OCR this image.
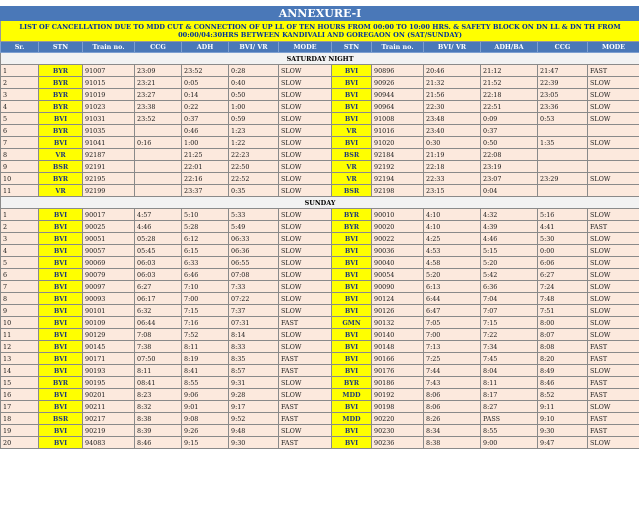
ANNEXURE-I												
LIST OF CANCELLATION DUE TO MDD CUT & CONNECTION OF UP LL OF TEN HOURS FROM 00:00 TO 10:00 HRS. & SAFETY BLOCK ON DN LL & DN TH FROM 00:00/04:30HRS BETWEEN KANDIVALI AND GOREGAON ON (SAT/SUNDAY)												
Sr.	STN	Train no.	CCG	ADH	BVI/ VR	MODE	STN	Train no.	BVI/ VR	ADH/BA	CCG	MODE
SATURDAY NIGHT												
1	BYR	91007	23:09	23:52	0:28	SLOW	BVI	90896	20:46	21:12	21:47	FAST
2	BYR	91015	23:21	0:05	0:40	SLOW	BVI	90926	21:32	21:52	22:39	SLOW
3	BYR	91019	23:27	0:14	0:50	SLOW	BVI	90944	21:56	22:18	23:05	SLOW
4	BYR	91023	23:38	0:22	1:00	SLOW	BVI	90964	22:30	22:51	23:36	SLOW
5	BVI	91031	23:52	0:37	0:59	SLOW	BVI	91008	23:48	0:09	0:53	SLOW
6	BYR	91035		0:46	1:23	SLOW	VR	91016	23:40	0:37		
7	BVI	91041	0:16	1:00	1:22	SLOW	BVI	91020	0:30	0:50	1:35	SLOW
8	VR	92187		21:25	22:23	SLOW	BSR	92184	21:19	22:08		
9	BSR	92191		22:01	22:50	SLOW	VR	92192	22:18	23:19		
10	BYR	92195		22:16	22:52	SLOW	VR	92194	22:33	23:07	23:29	SLOW
11	VR	92199		23:37	0:35	SLOW	BSR	92198	23:15	0:04		
SUNDAY												
1	BVI	90017	4:57	5:10	5:33	SLOW	BYR	90010	4:10	4:32	5:16	SLOW
2	BVI	90025	4:46	5:28	5:49	SLOW	BYR	90020	4:10	4:39	4:41	FAST
3	BVI	90051	05:28	6:12	06:33	SLOW	BVI	90022	4:25	4:46	5:30	SLOW
4	BVI	90057	05:45	6:15	06:36	SLOW	BVI	90036	4:53	5:15	0:00	SLOW
5	BVI	90069	06:03	6:33	06:55	SLOW	BVI	90040	4:58	5:20	6:06	SLOW
6	BVI	90079	06:03	6:46	07:08	SLOW	BVI	90054	5:20	5:42	6:27	SLOW
7	BVI	90097	6:27	7:10	7:33	SLOW	BVI	90090	6:13	6:36	7:24	SLOW
8	BVI	90093	06:17	7:00	07:22	SLOW	BVI	90124	6:44	7:04	7:48	SLOW
9	BVI	90101	6:32	7:15	7:37	SLOW	BVI	90126	6:47	7:07	7:51	SLOW
10	BVI	90109	06:44	7:16	07:31	FAST	GMN	90132	7:05	7:15	8:00	SLOW
11	BVI	90129	7:08	7:52	8:14	SLOW	BVI	90140	7:00	7:22	8:07	SLOW
12	BVI	90145	7:38	8:11	8:33	SLOW	BVI	90148	7:13	7:34	8:08	FAST
13	BVI	90171	07:50	8:19	8:35	FAST	BVI	90166	7:25	7:45	8:20	FAST
14	BVI	90193	8:11	8:41	8:57	FAST	BVI	90176	7:44	8:04	8:49	SLOW
15	BYR	90195	08:41	8:55	9:31	SLOW	BYR	90186	7:43	8:11	8:46	FAST
16	BVI	90201	8:23	9:06	9:28	SLOW	MDD	90192	8:06	8:17	8:52	FAST
17	BVI	90211	8:32	9:01	9:17	FAST	BVI	90198	8:06	8:27	9:11	SLOW
18	BSR	90217	8:38	9:08	9:52	FAST	MDD	90220	8:26	PASS	9:10	FAST
19	BVI	90219	8:39	9:26	9:48	SLOW	BVI	90230	8:34	8:55	9:30	FAST
20	BVI	94083	8:46	9:15	9:30	FAST	BVI	90236	8:38	9:00	9:47	SLOW
